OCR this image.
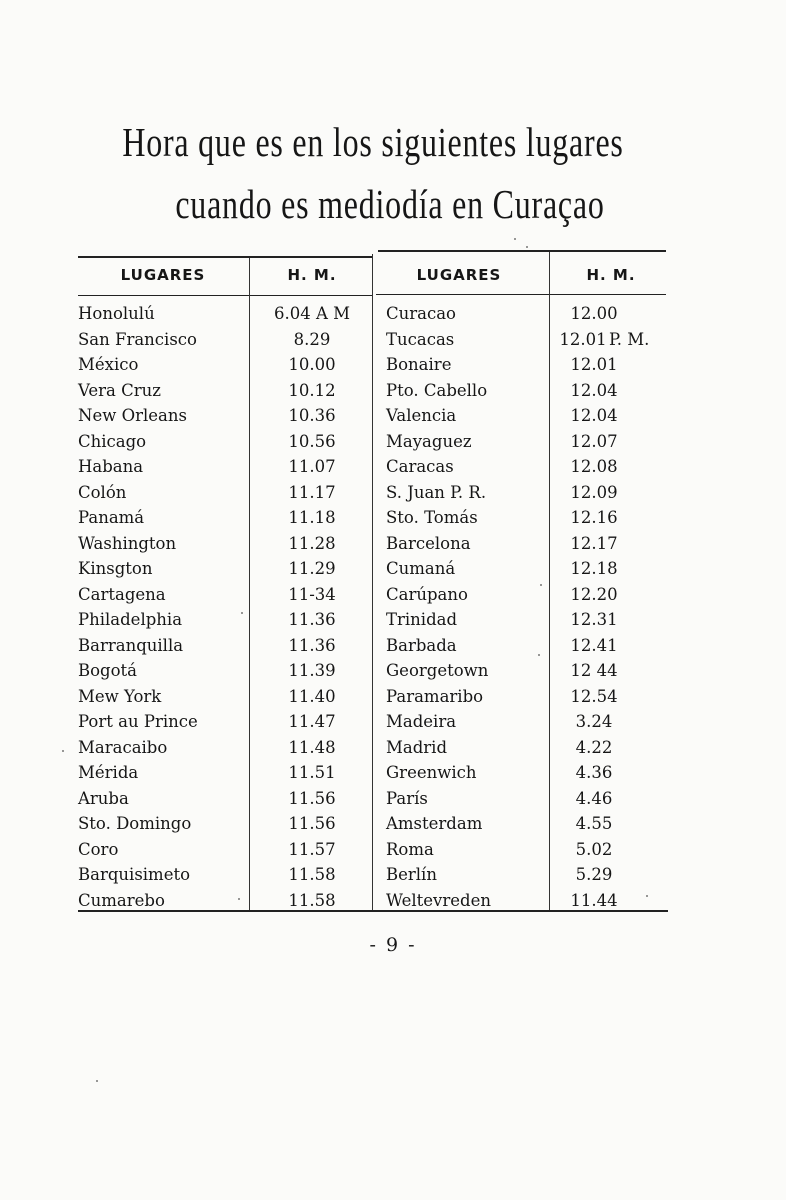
Hora que es en los siguientes lugares
cuando es mediodía en Curaçao
LUGARES	H. M.	LUGARES	H. M.
Honolulú	6.04 A M	Curacao	12.00
San Francisco	8.29	Tucacas	12.01 P. M.
México	10.00	Bonaire	12.01
Vera Cruz	10.12	Pto. Cabello	12.04
New Orleans	10.36	Valencia	12.04
Chicago	10.56	Mayaguez	12.07
Habana	11.07	Caracas	12.08
Colón	11.17	S. Juan P. R.	12.09
Panamá	11.18	Sto. Tomás	12.16
Washington	11.28	Barcelona	12.17
Kinsgton	11.29	Cumaná	12.18
Cartagena	11-34	Carúpano	12.20
Philadelphia	11.36	Trinidad	12.31
Barranquilla	11.36	Barbada	12.41
Bogotá	11.39	Georgetown	12 44
Mew York	11.40	Paramaribo	12.54
Port au Prince	11.47	Madeira	3.24
Maracaibo	11.48	Madrid	4.22
Mérida	11.51	Greenwich	4.36
Aruba	11.56	París	4.46
Sto. Domingo	11.56	Amsterdam	4.55
Coro	11.57	Roma	5.02
Barquisimeto	11.58	Berlín	5.29
Cumarebo	11.58	Weltevreden	11.44
- 9 -
